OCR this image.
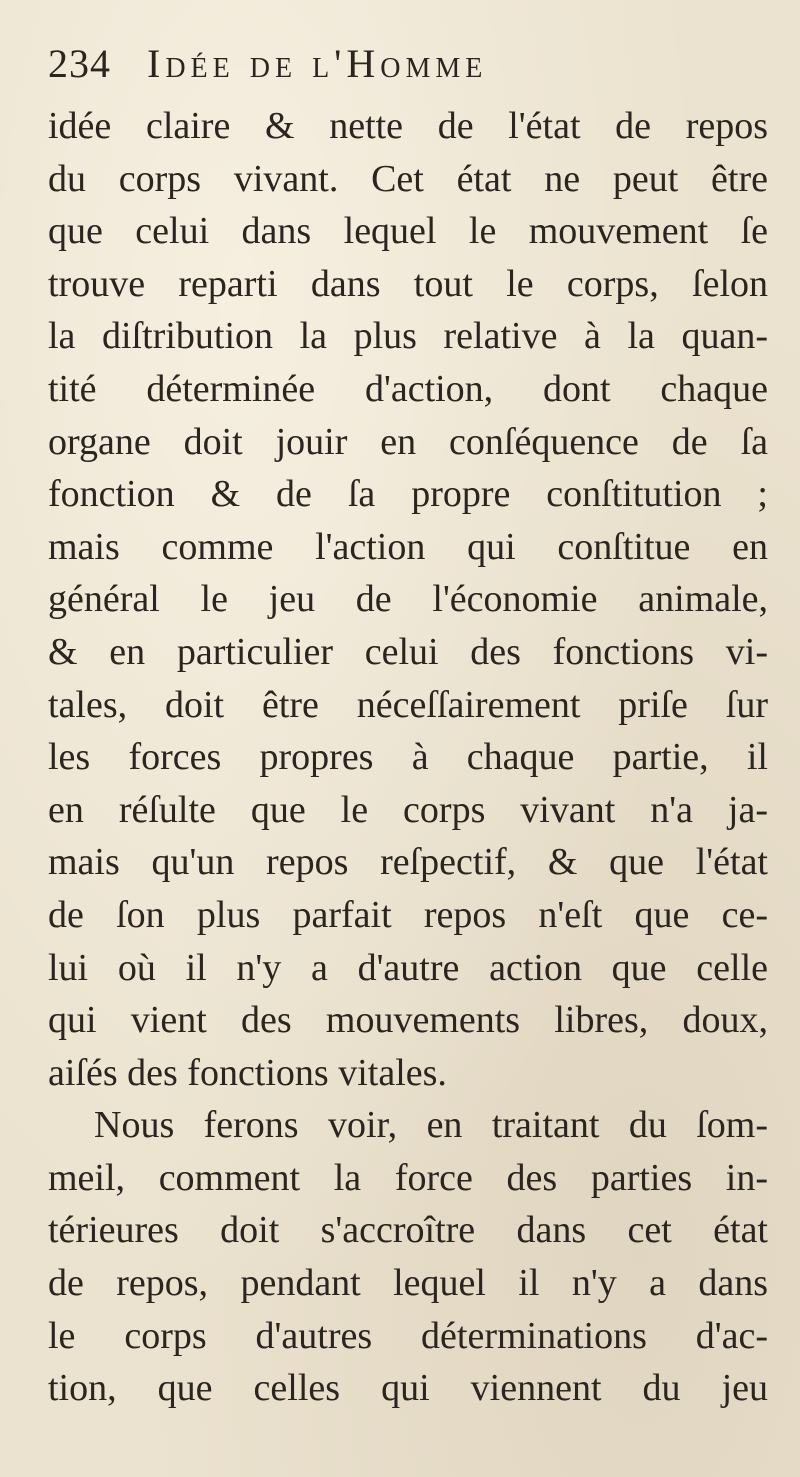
234 Idée de l'Homme
idée claire & nette de l'état de repos
du corps vivant. Cet état ne peut être
que celui dans lequel le mouvement ſe
trouve reparti dans tout le corps, ſelon
la diſtribution la plus relative à la quan-
tité déterminée d'action, dont chaque
organe doit jouir en conſéquence de ſa
fonction & de ſa propre conſtitution ;
mais comme l'action qui conſtitue en
général le jeu de l'économie animale,
& en particulier celui des fonctions vi-
tales, doit être néceſſairement priſe ſur
les forces propres à chaque partie, il
en réſulte que le corps vivant n'a ja-
mais qu'un repos reſpectif, & que l'état
de ſon plus parfait repos n'eſt que ce-
lui où il n'y a d'autre action que celle
qui vient des mouvements libres, doux,
aiſés des fonctions vitales.
Nous ferons voir, en traitant du ſom-
meil, comment la force des parties in-
térieures doit s'accroître dans cet état
de repos, pendant lequel il n'y a dans
le corps d'autres déterminations d'ac-
tion, que celles qui viennent du jeu
